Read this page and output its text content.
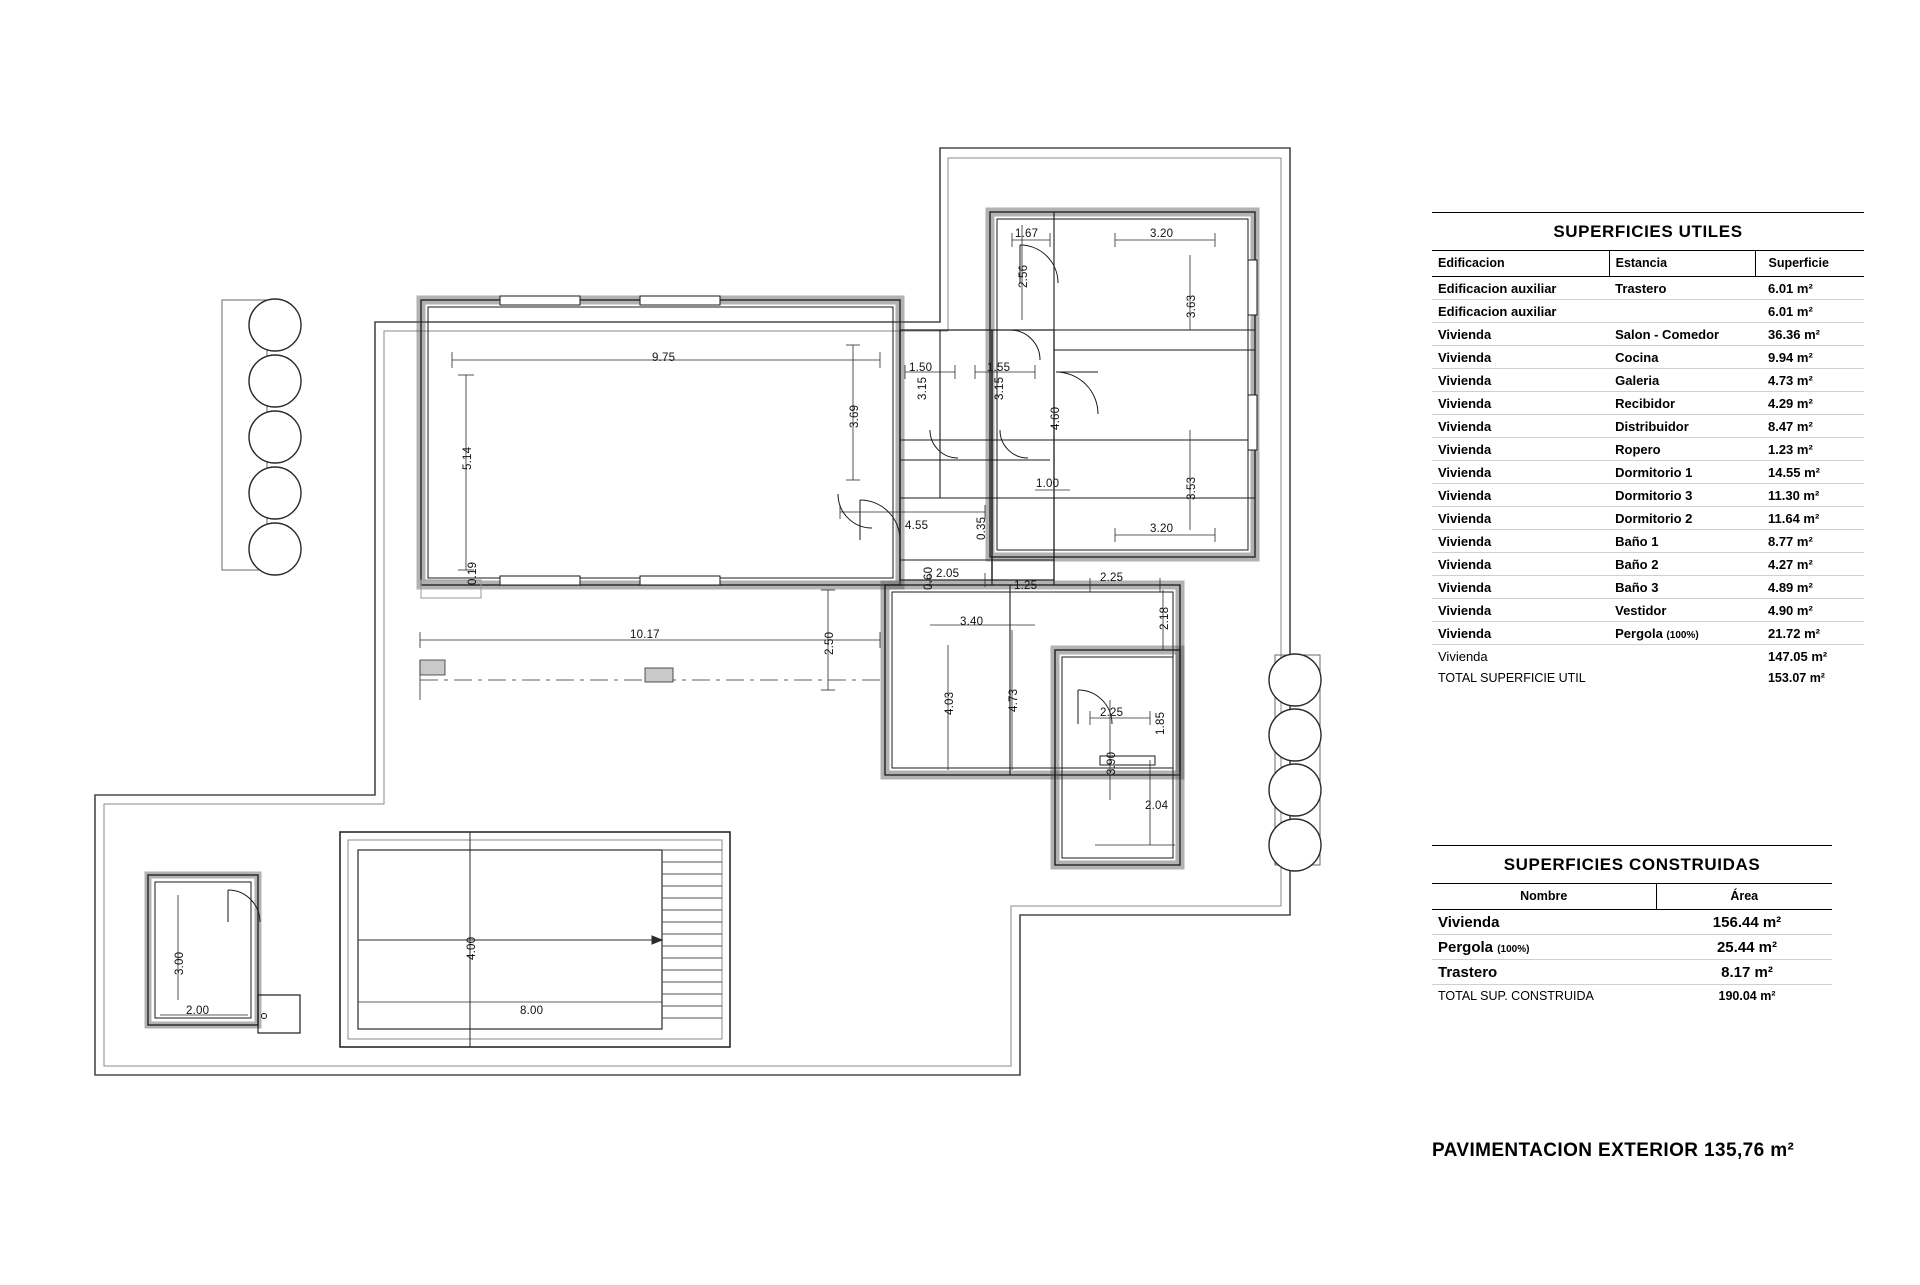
9.75
5.14
3.69
0.19
10.17	2.50
1.67	3.20
2.56
3.63
3.53
3.20
1.50	1.55
3.15	3.15
4.60
1.00
4.55	0.35
0.60 2.05
1.25
2.25
2.18
3.40
4.03	4.73
2.25	1.85
3.90
2.04
4.00
8.00
3.00
2.00
SUPERFICIES UTILES
Edificacion	Estancia	Superficie
Edificacion auxiliar	Trastero	6.01 m²
Edificacion auxiliar		6.01 m²
Vivienda	Salon - Comedor	36.36 m²
Vivienda	Cocina	9.94 m²
Vivienda	Galeria	4.73 m²
Vivienda	Recibidor	4.29 m²
Vivienda	Distribuidor	8.47 m²
Vivienda	Ropero	1.23 m²
Vivienda	Dormitorio 1	14.55 m²
Vivienda	Dormitorio 3	11.30 m²
Vivienda	Dormitorio 2	11.64 m²
Vivienda	Baño 1	8.77 m²
Vivienda	Baño 2	4.27 m²
Vivienda	Baño 3	4.89 m²
Vivienda	Vestidor	4.90 m²
Vivienda	Pergola (100%)	21.72 m²
Vivienda		147.05 m²
TOTAL SUPERFICIE UTIL		153.07 m²
SUPERFICIES CONSTRUIDAS
Nombre	Área
Vivienda	156.44 m²
Pergola (100%)	25.44 m²
Trastero	8.17 m²
TOTAL SUP. CONSTRUIDA	190.04 m²
PAVIMENTACION EXTERIOR 135,76 m²
